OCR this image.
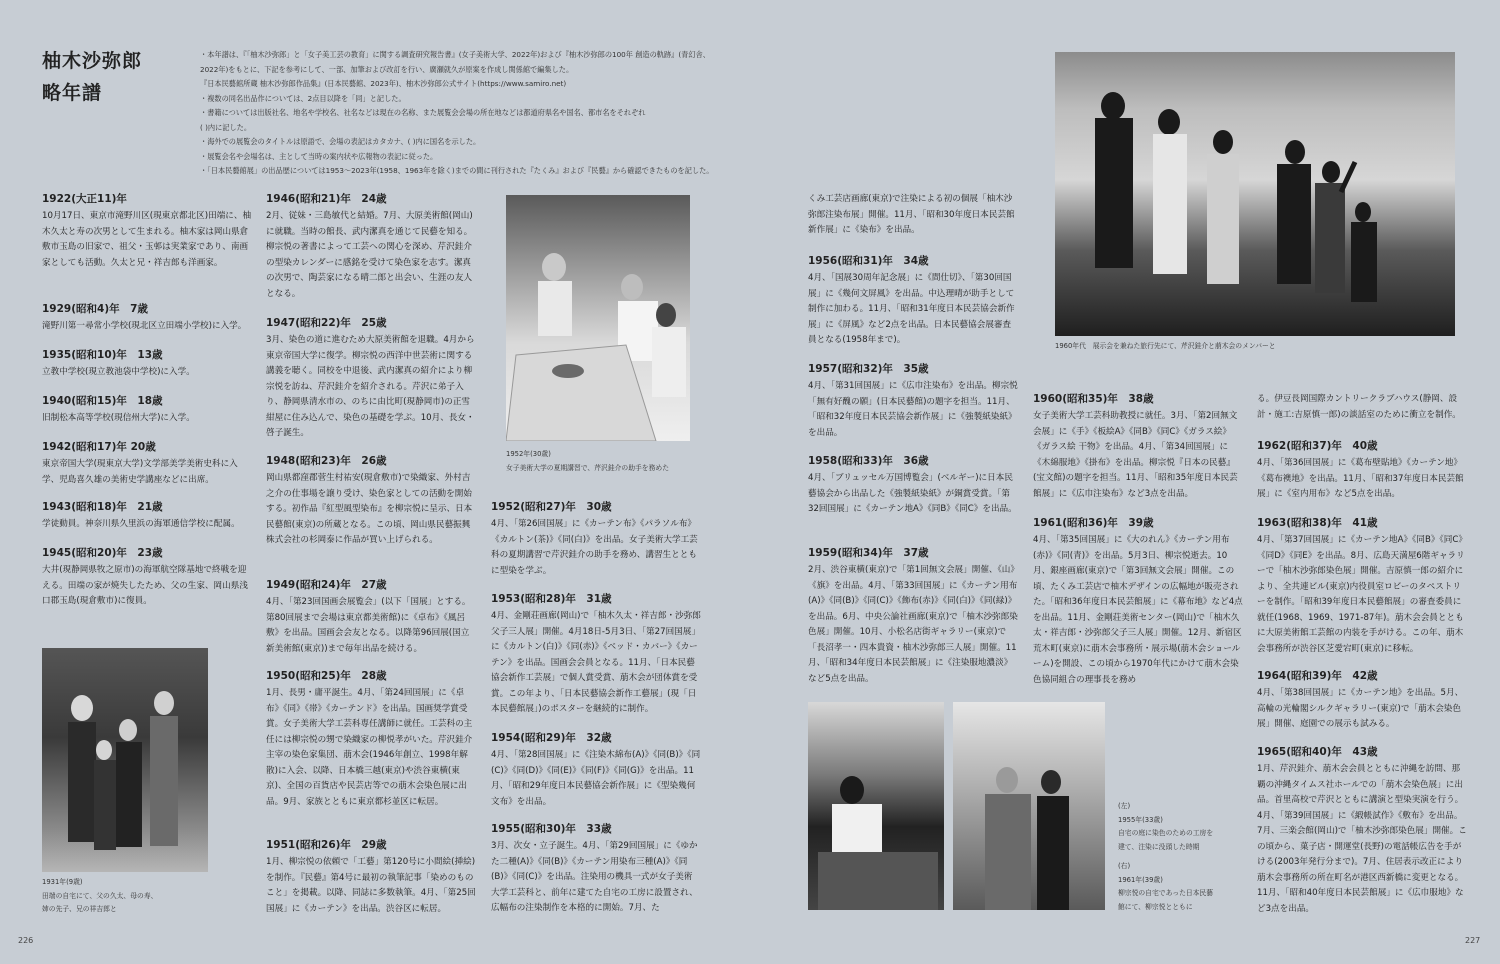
柚木沙弥郎
略年譜
・本年譜は、『「柚木沙弥郎」と「女子美工芸の教育」に関する調査研究報告書』(女子美術大学、2022年)および『柚木沙弥郎の100年 創造の軌跡』(青幻舎、
2022年)をもとに、下記を参考にして、一部、加筆および改訂を行い、廣瀬就久が原案を作成し関係館で編集した。
『日本民藝館所蔵 柚木沙弥郎作品集』(日本民藝館、2023年)、柚木沙弥郎公式サイト(https://www.samiro.net)
・複数の同名出品作については、2点目以降を「同」と記した。
・書籍については出版社名、地名や学校名、社名などは現在の名称、また展覧会会場の所在地などは都道府県名や国名、都市名をそれぞれ
( )内に記した。
・海外での展覧会のタイトルは原語で、会場の表記はカタカナ、( )内に国名を示した。
・展覧会名や会場名は、主として当時の案内状や広報物の表記に従った。
・「日本民藝館展」の出品歴については1953〜2023年(1958、1963年を除く)までの間に刊行された『たくみ』および『民藝』から確認できたものを記した。
1922(大正11)年
10月17日、東京市滝野川区(現東京都北区)田端に、柚木久太と寿の次男として生まれる。柚木家は岡山県倉敷市玉島の旧家で、祖父・玉邨は実業家であり、南画家としても活動。久太と兄・祥吉郎も洋画家。
1929(昭和4)年　7歳
滝野川第一尋常小学校(現北区立田端小学校)に入学。
1935(昭和10)年　13歳
立教中学校(現立教池袋中学校)に入学。
1940(昭和15)年　18歳
旧制松本高等学校(現信州大学)に入学。
1942(昭和17)年 20歳
東京帝国大学(現東京大学)文学部美学美術史科に入学、児島喜久雄の美術史学講座などに出席。
1943(昭和18)年　21歳
学徒動員。神奈川県久里浜の海軍通信学校に配属。
1945(昭和20)年　23歳
大井(現静岡県牧之原市)の海軍航空隊基地で終戦を迎える。田端の家が焼失したため、父の生家、岡山県浅口郡玉島(現倉敷市)に復員。
1931年(9歳)
田端の自宅にて、父の久太、母の寿、
姉の先子、兄の祥吉郎と
1946(昭和21)年　24歳
2月、従妹・三島敏代と結婚。7月、大原美術館(岡山)に就職。当時の館長、武内潔真を通じて民藝を知る。柳宗悦の著書によって工芸への関心を深め、芹沢銈介の型染カレンダーに感銘を受けて染色家を志す。潔真の次男で、陶芸家になる晴二郎と出会い、生涯の友人となる。
1947(昭和22)年　25歳
3月、染色の道に進むため大原美術館を退職。4月から東京帝国大学に復学。柳宗悦の西洋中世芸術に関する講義を聴く。同校を中退後、武内潔真の紹介により柳宗悦を訪ね、芹沢銈介を紹介される。芹沢に弟子入り、静岡県清水市の、のちに由比町(現静岡市)の正雪紺屋に住み込んで、染色の基礎を学ぶ。10月、長女・啓子誕生。
1948(昭和23)年　26歳
岡山県都窪郡菅生村祐安(現倉敷市)で染織家、外村吉之介の仕事場を譲り受け、染色家としての活動を開始する。初作品『紅型風型染布』を柳宗悦に呈示、日本民藝館(東京)の所蔵となる。この頃、岡山県民藝振興株式会社の杉岡泰に作品が買い上げられる。
1949(昭和24)年　27歳
4月、「第23回国画会展覧会」(以下「国展」とする。第80回展まで会場は東京都美術館)に《卓布》《風呂敷》を出品。国画会会友となる。以降第96回展(国立新美術館(東京))まで毎年出品を続ける。
1950(昭和25)年　28歳
1月、長男・庸平誕生。4月、「第24回国展」に《卓布》《同》《帯》《カーテンド》を出品。国画奨学賞受賞。女子美術大学工芸科専任講師に就任。工芸科の主任には柳宗悦の甥で染織家の柳悦孝がいた。芹沢銈介主宰の染色家集団、萠木会(1946年創立、1998年解散)に入会、以降、日本橋三越(東京)や渋谷東横(東京)、全国の百貨店や民芸店等での萠木会染色展に出品。9月、家族とともに東京都杉並区に転居。
1951(昭和26)年　29歳
1月、柳宗悦の依頼で「工藝」第120号に小間絵(挿絵)を制作。『民藝』第4号に最初の執筆記事「染めのものこと」を掲載。以降、同誌に多数執筆。4月、「第25回国展」に《カーテン》を出品。渋谷区に転居。
1952年(30歳)
女子美術大学の夏期講習で、芹沢銈介の助手を務めた
1952(昭和27)年　30歳
4月、「第26回国展」に《カーテン布》《パラソル布》《カルトン(茶)》《同(白)》を出品。女子美術大学工芸科の夏期講習で芹沢銈介の助手を務め、講習生とともに型染を学ぶ。
1953(昭和28)年　31歳
4月、金剛荘画廊(岡山)で「柚木久太・祥吉郎・沙弥郎父子三人展」開催。4月18日-5月3日、「第27回国展」に《カルトン(白)》《同(赤)》《ベッド・カバー》《カーテン》を出品。国画会会員となる。11月、「日本民藝協会新作工芸展」で個人賞受賞、萠木会が団体賞を受賞。この年より、「日本民藝協会新作工藝展」(現「日本民藝館展」)のポスターを継続的に制作。
1954(昭和29)年　32歳
4月、「第28回国展」に《注染木綿布(A)》《同(B)》《同(C)》《同(D)》《同(E)》《同(F)》《同(G)》を出品。11月、「昭和29年度日本民藝協会新作展」に《型染幾何文布》を出品。
1955(昭和30)年　33歳
3月、次女・立子誕生。4月、「第29回国展」に《ゆかた二種(A)》《同(B)》《カーテン用染布三種(A)》《同(B)》《同(C)》を出品。注染用の機具一式が女子美術大学工芸科と、前年に建てた自宅の工房に設置され、広幅布の注染制作を本格的に開始。7月、た
226
くみ工芸店画廊(東京)で注染による初の個展「柚木沙弥郎注染布展」開催。11月、「昭和30年度日本民芸館新作展」に《染布》を出品。
1956(昭和31)年　34歳
4月、「国展30周年記念展」に《間仕切》、「第30回国展」に《幾何文屏風》を出品。中込理晴が助手として制作に加わる。11月、「昭和31年度日本民芸協会新作展」に《屏風》など2点を出品。日本民藝協会展審査員となる(1958年まで)。
1957(昭和32)年　35歳
4月、「第31回国展」に《広巾注染布》を出品。柳宗悦「無有好醜の願」(日本民藝館)の題字を担当。11月、「昭和32年度日本民芸協会新作展」に《強製紙染紙》を出品。
1958(昭和33)年　36歳
4月、「ブリュッセル万国博覧会」(ベルギー)に日本民藝協会から出品した《強製紙染紙》が銅賞受賞。「第32回国展」に《カーテン地A》《同B》《同C》を出品。
1959(昭和34)年　37歳
2月、渋谷東横(東京)で「第1回無文会展」開催、《山》《旗》を出品。4月、「第33回国展」に《カーテン用布(A)》《同(B)》《同(C)》《飾布(赤)》《同(白)》《同(緑)》を出品。6月、中央公論社画廊(東京)で「柚木沙弥郎染色展」開催。10月、小松名店街ギャラリー(東京)で「長沼孝一・四本貴資・柚木沙弥郎三人展」開催。11月、「昭和34年度日本民芸館展」に《注染服地濃淡》など5点を出品。
1960年代　展示会を兼ねた旅行先にて、芹沢銈介と萠木会のメンバーと
1960(昭和35)年　38歳
女子美術大学工芸科助教授に就任。3月、「第2回無文会展」に《手》《板絵A》《同B》《同C》《ガラス絵》《ガラス絵 干物》を出品。4月、「第34回国展」に《木綿服地》《掛布》を出品。柳宗悦『日本の民藝』(宝文館)の題字を担当。11月、「昭和35年度日本民芸館展」に《広巾注染布》など3点を出品。
1961(昭和36)年　39歳
4月、「第35回国展」に《大のれん》《カーテン用布(赤)》《同(青)》を出品。5月3日、柳宗悦逝去。10月、銀座画廊(東京)で「第3回無文会展」開催。この頃、たくみ工芸店で柚木デザインの広幅地が販売された。「昭和36年度日本民芸館展」に《幕布地》など4点を出品。11月、金剛荘美術センター(岡山)で「柚木久太・祥吉郎・沙弥郎父子三人展」開催。12月、新宿区荒木町(東京)に萠木会事務所・展示場(萠木会ショールーム)を開設、この頃から1970年代にかけて萠木会染色協同組合の理事長を務め
る。伊豆長岡国際カントリークラブハウス(静岡、設計・施工:吉原慎一郎)の談話室のために衝立を制作。
1962(昭和37)年　40歳
4月、「第36回国展」に《葛布壁貼地》《カーテン地》《葛布襖地》を出品。11月、「昭和37年度日本民芸館展」に《室内用布》など5点を出品。
1963(昭和38)年　41歳
4月、「第37回国展」に《カーテン地A》《同B》《同C》《同D》《同E》を出品。8月、広島天満屋6階ギャラリーで「柚木沙弥郎染色展」開催。吉原慎一郎の紹介により、全共連ビル(東京)内役員室ロビーのタペストリーを制作。「昭和39年度日本民藝館展」の審査委員に就任(1968、1969、1971-87年)。萠木会会員とともに大原美術館工芸館の内装を手がける。この年、萠木会事務所が渋谷区芝愛宕町(東京)に移転。
1964(昭和39)年　42歳
4月、「第38回国展」に《カーテン地》を出品。5月、高輪の光輪閣シルクギャラリー(東京)で「萠木会染色展」開催、庭園での展示も試みる。
1965(昭和40)年　43歳
1月、芹沢銈介、萠木会会員とともに沖縄を訪問、那覇の沖縄タイムス社ホールでの「萠木会染色展」に出品。首里高校で芹沢とともに講演と型染実演を行う。4月、「第39回国展」に《緞帳試作》《敷布》を出品。7月、三楽会館(岡山)で「柚木沙弥郎染色展」開催。この頃から、菓子店・開運堂(長野)の電話帳広告を手がける(2003年発行分まで)。7月、住居表示改正により萠木会事務所の所在町名が港区西新橋に変更となる。11月、「昭和40年度日本民芸館展」に《広巾服地》など3点を出品。
(左)
1955年(33歳)
自宅の庭に染色のための工房を
建て、注染に没頭した時期
(右)
1961年(39歳)
柳宗悦の自宅であった日本民藝
館にて、柳宗悦とともに
227
